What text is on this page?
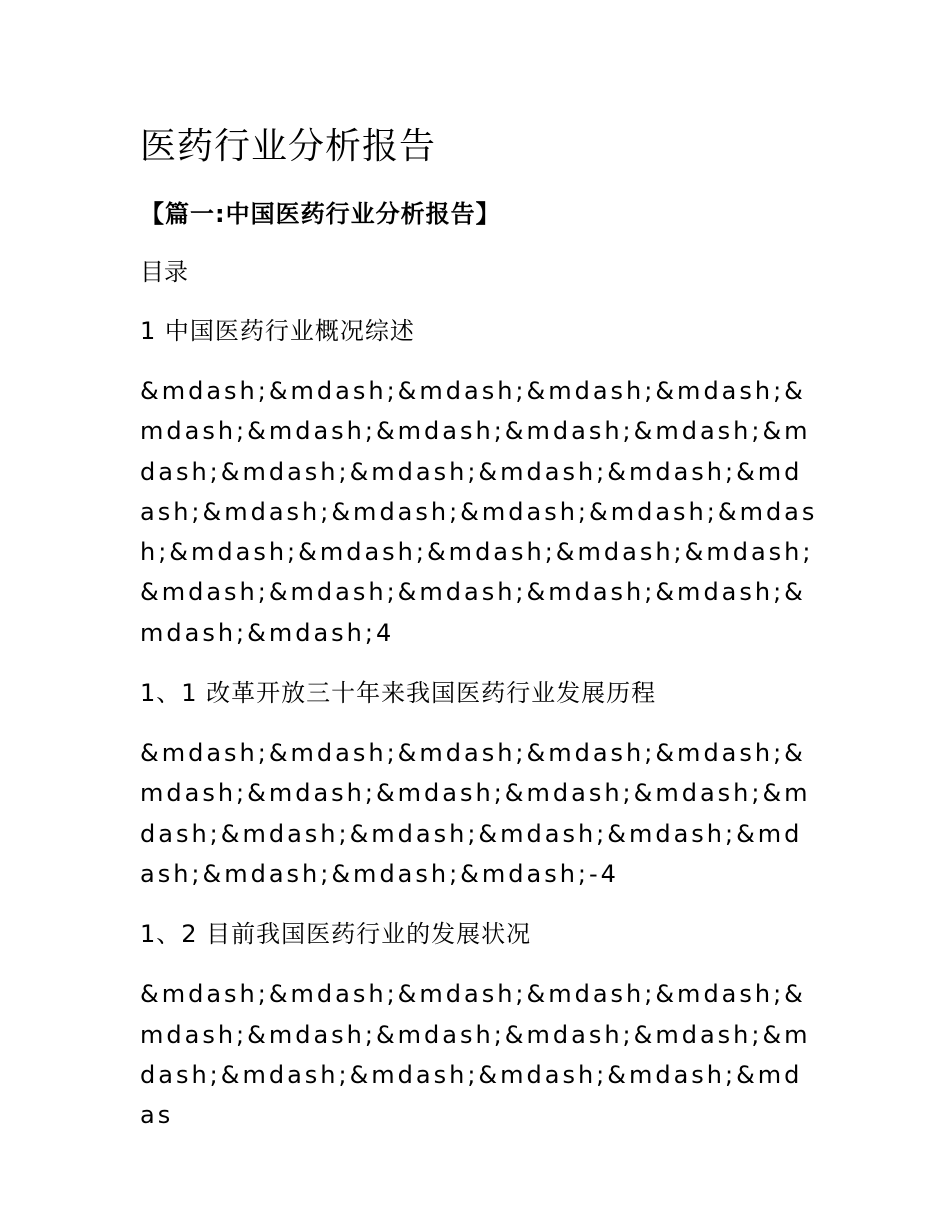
医药行业分析报告
【篇一:中国医药行业分析报告】

目录

1 中国医药行业概况综述
&mdash;&mdash;&mdash;&mdash;&mdash;&mdash;&mdash;&mdash;&mdash;&mdash;&mdash;&mdash;&mdash;&mdash;&mdash;&mdash;&mdash;&mdash;&mdash;&mdash;&mdash;&mdash;&mdash;&mdash;&mdash;&mdash;&mdash;&mdash;&mdash;&mdash;&mdash;&mdash;&mdash;4
1、1 改革开放三十年来我国医药行业发展历程
&mdash;&mdash;&mdash;&mdash;&mdash;&mdash;&mdash;&mdash;&mdash;&mdash;&mdash;&mdash;&mdash;&mdash;&mdash;&mdash;&mdash;&mdash;&mdash;-4
1、2 目前我国医药行业的发展状况
&mdash;&mdash;&mdash;&mdash;&mdash;&mdash;&mdash;&mdash;&mdash;&mdash;&mdash;&mdash;&mdash;&mdash;&mdash;&mdas
